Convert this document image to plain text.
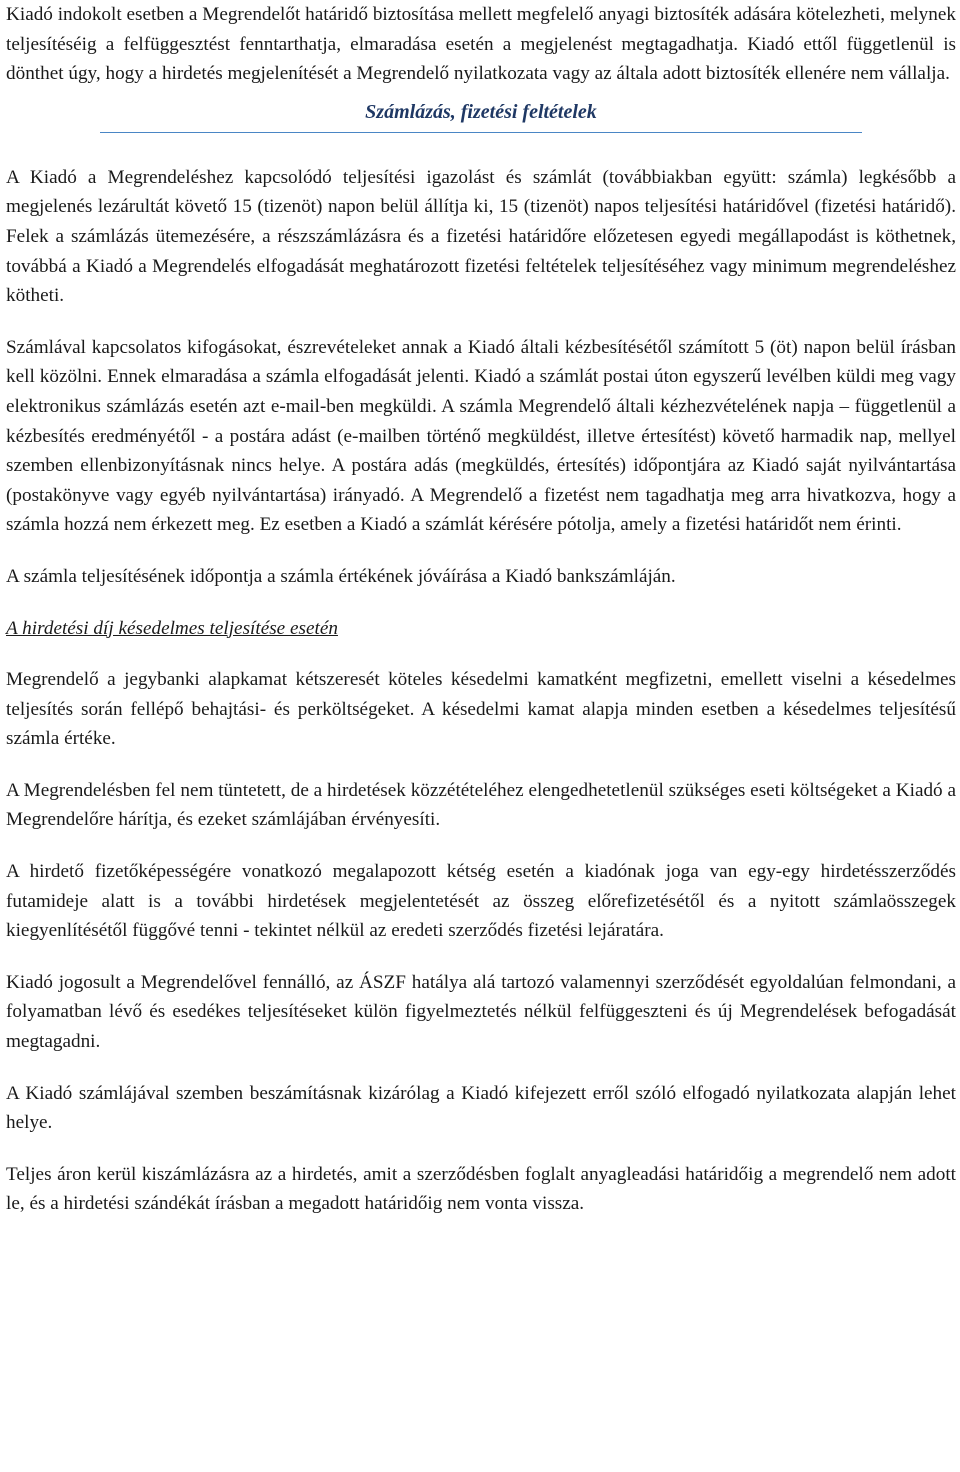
Kiadó indokolt esetben a Megrendelőt határidő biztosítása mellett megfelelő anyagi biztosíték adására kötelezheti, melynek teljesítéséig a felfüggesztést fenntarthatja, elmaradása esetén a megjelenést megtagadhatja. Kiadó ettől függetlenül is dönthet úgy, hogy a hirdetés megjelenítését a Megrendelő nyilatkozata vagy az általa adott biztosíték ellenére nem vállalja.

Számlázás, fizetési feltételek

A Kiadó a Megrendeléshez kapcsolódó teljesítési igazolást és számlát (továbbiakban együtt: számla) legkésőbb a megjelenés lezárultát követő 15 (tizenöt) napon belül állítja ki, 15 (tizenöt) napos teljesítési határidővel (fizetési határidő). Felek a számlázás ütemezésére, a részszámlázásra és a fizetési határidőre előzetesen egyedi megállapodást is köthetnek, továbbá a Kiadó a Megrendelés elfogadását meghatározott fizetési feltételek teljesítéséhez vagy minimum megrendeléshez kötheti.

Számlával kapcsolatos kifogásokat, észrevételeket annak a Kiadó általi kézbesítésétől számított 5 (öt) napon belül írásban kell közölni. Ennek elmaradása a számla elfogadását jelenti. Kiadó a számlát postai úton egyszerű levélben küldi meg vagy elektronikus számlázás esetén azt e-mail-ben megküldi. A számla Megrendelő általi kézhezvételének napja – függetlenül a kézbesítés eredményétől - a postára adást (e-mailben történő megküldést, illetve értesítést) követő harmadik nap, mellyel szemben ellenbizonyításnak nincs helye. A postára adás (megküldés, értesítés) időpontjára az Kiadó saját nyilvántartása (postakönyve vagy egyéb nyilvántartása) irányadó. A Megrendelő a fizetést nem tagadhatja meg arra hivatkozva, hogy a számla hozzá nem érkezett meg. Ez esetben a Kiadó a számlát kérésére pótolja, amely a fizetési határidőt nem érinti.

A számla teljesítésének időpontja a számla értékének jóváírása a Kiadó bankszámláján.

A hirdetési díj késedelmes teljesítése esetén

Megrendelő a jegybanki alapkamat kétszeresét köteles késedelmi kamatként megfizetni, emellett viselni a késedelmes teljesítés során fellépő behajtási- és perköltségeket. A késedelmi kamat alapja minden esetben a késedelmes teljesítésű számla értéke.

A Megrendelésben fel nem tüntetett, de a hirdetések közzétételéhez elengedhetetlenül szükséges eseti költségeket a Kiadó a Megrendelőre hárítja, és ezeket számlájában érvényesíti.

A hirdető fizetőképességére vonatkozó megalapozott kétség esetén a kiadónak joga van egy-egy hirdetésszerződés futamideje alatt is a további hirdetések megjelentetését az összeg előrefizetésétől és a nyitott számlaösszegek kiegyenlítésétől függővé tenni - tekintet nélkül az eredeti szerződés fizetési lejáratára.

Kiadó jogosult a Megrendelővel fennálló, az ÁSZF hatálya alá tartozó valamennyi szerződését egyoldalúan felmondani, a folyamatban lévő és esedékes teljesítéseket külön figyelmeztetés nélkül felfüggeszteni és új Megrendelések befogadását megtagadni.

A Kiadó számlájával szemben beszámításnak kizárólag a Kiadó kifejezett erről szóló elfogadó nyilatkozata alapján lehet helye.

Teljes áron kerül kiszámlázásra az a hirdetés, amit a szerződésben foglalt anyagleadási határidőig a megrendelő nem adott le, és a hirdetési szándékát írásban a megadott határidőig nem vonta vissza.
